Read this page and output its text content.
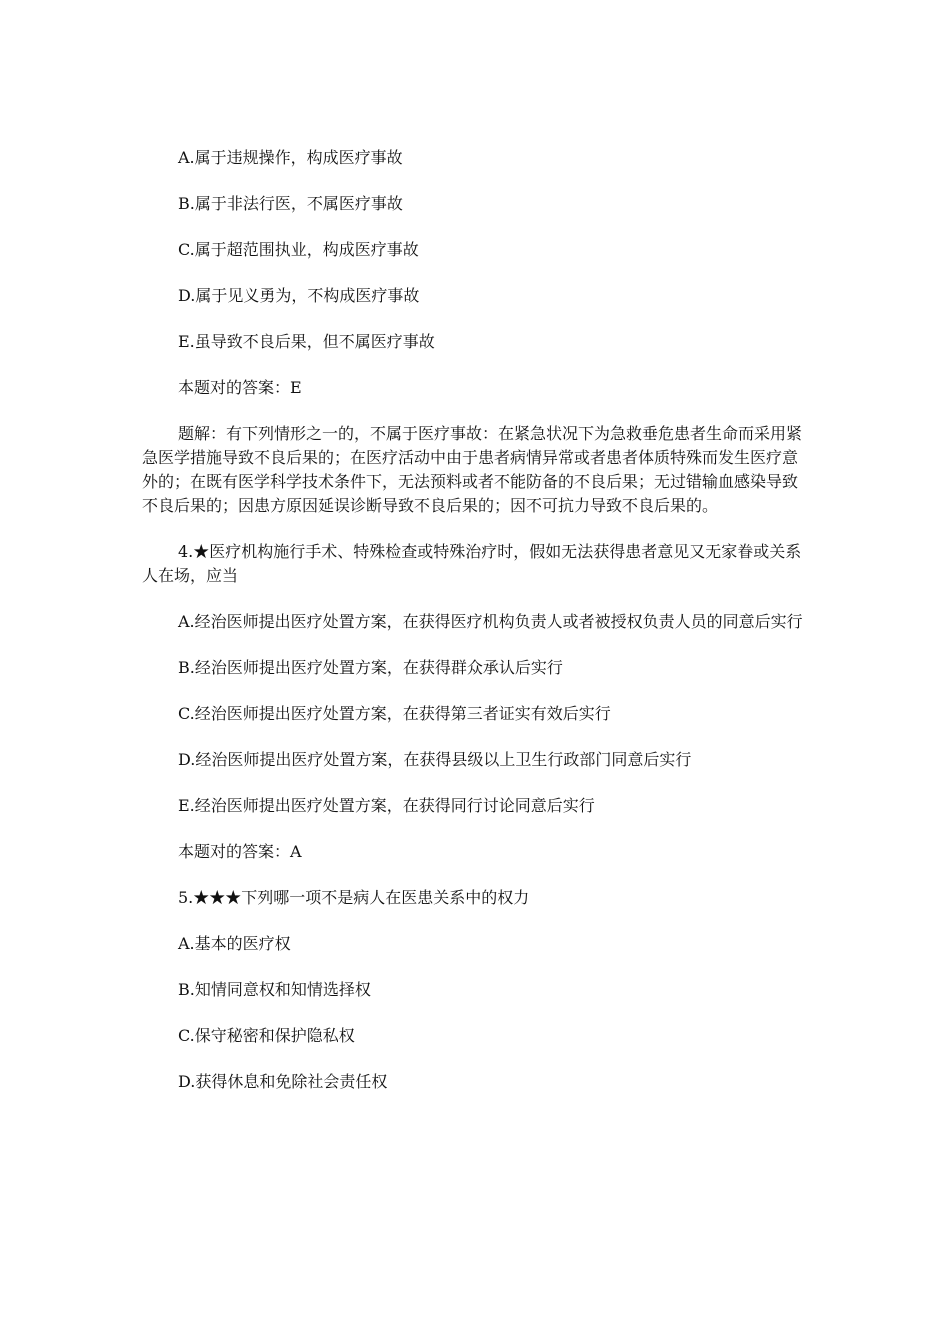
A.属于违规操作，构成医疗事故

B.属于非法行医，不属医疗事故

C.属于超范围执业，构成医疗事故

D.属于见义勇为，不构成医疗事故

E.虽导致不良后果，但不属医疗事故

本题对的答案：E

题解：有下列情形之一的，不属于医疗事故：在紧急状况下为急救垂危患者生命而采用紧急医学措施导致不良后果的；在医疗活动中由于患者病情异常或者患者体质特殊而发生医疗意外的；在既有医学科学技术条件下，无法预料或者不能防备的不良后果；无过错输血感染导致不良后果的；因患方原因延误诊断导致不良后果的；因不可抗力导致不良后果的。

4.★医疗机构施行手术、特殊检查或特殊治疗时，假如无法获得患者意见又无家眷或关系人在场，应当

A.经治医师提出医疗处置方案，在获得医疗机构负责人或者被授权负责人员的同意后实行

B.经治医师提出医疗处置方案，在获得群众承认后实行

C.经治医师提出医疗处置方案，在获得第三者证实有效后实行

D.经治医师提出医疗处置方案，在获得县级以上卫生行政部门同意后实行

E.经治医师提出医疗处置方案，在获得同行讨论同意后实行

本题对的答案：A

5.★★★下列哪一项不是病人在医患关系中的权力

A.基本的医疗权

B.知情同意权和知情选择权

C.保守秘密和保护隐私权

D.获得休息和免除社会责任权
